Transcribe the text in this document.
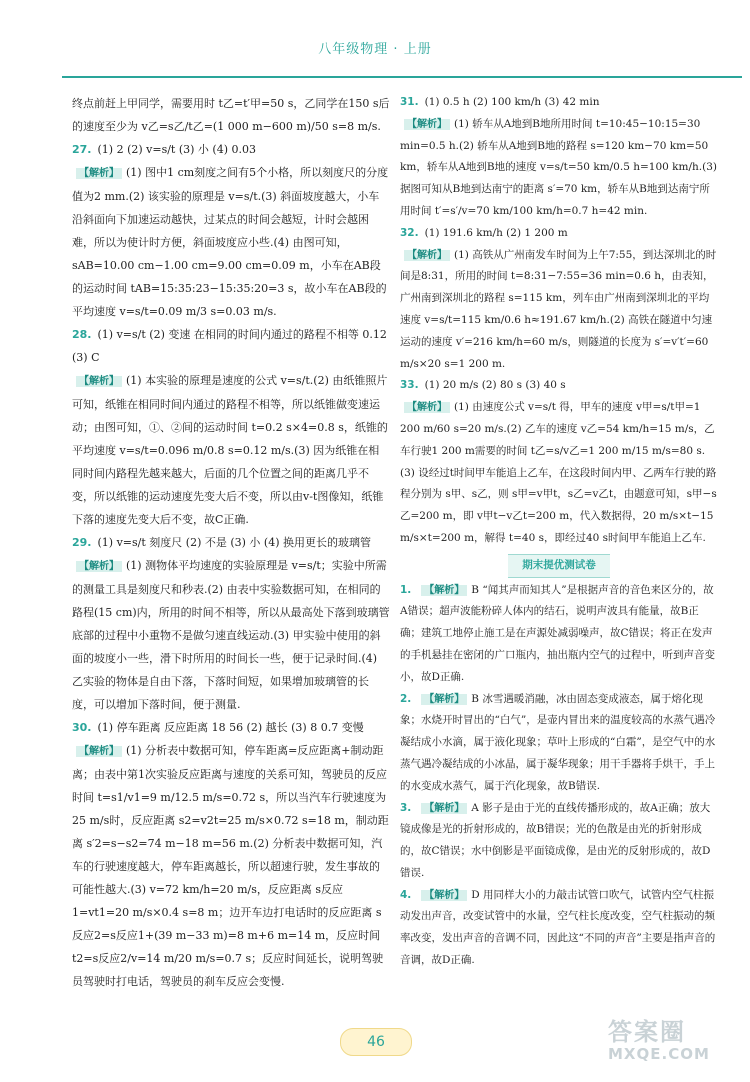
八年级物理 · 上册
终点前赶上甲同学，需要用时 t乙=t′甲=50 s，乙同学在150 s后的速度至少为 v乙=s乙/t乙=(1 000 m−600 m)/50 s=8 m/s.
27. (1) 2 (2) v=s/t (3) 小 (4) 0.03
【解析】 (1) 图中1 cm刻度之间有5个小格，所以刻度尺的分度值为2 mm.(2) 该实验的原理是 v=s/t.(3) 斜面坡度越大，小车沿斜面向下加速运动越快，过某点的时间会越短，计时会越困难，所以为使计时方便，斜面坡度应小些.(4) 由图可知，sAB=10.00 cm−1.00 cm=9.00 cm=0.09 m，小车在AB段的运动时间 tAB=15:35:23−15:35:20=3 s，故小车在AB段的平均速度 v=s/t=0.09 m/3 s=0.03 m/s.
28. (1) v=s/t (2) 变速 在相同的时间内通过的路程不相等 0.12 (3) C
【解析】 (1) 本实验的原理是速度的公式 v=s/t.(2) 由纸锥照片可知，纸锥在相同时间内通过的路程不相等，所以纸锥做变速运动；由图可知，①、②间的运动时间 t=0.2 s×4=0.8 s，纸锥的平均速度 v=s/t=0.096 m/0.8 s=0.12 m/s.(3) 因为纸锥在相同时间内路程先越来越大，后面的几个位置之间的距离几乎不变，所以纸锥的运动速度先变大后不变，所以由v-t图像知，纸锥下落的速度先变大后不变，故C正确.
29. (1) v=s/t 刻度尺 (2) 不是 (3) 小 (4) 换用更长的玻璃管
【解析】 (1) 测物体平均速度的实验原理是 v=s/t；实验中所需的测量工具是刻度尺和秒表.(2) 由表中实验数据可知，在相同的路程(15 cm)内，所用的时间不相等，所以从最高处下落到玻璃管底部的过程中小重物不是做匀速直线运动.(3) 甲实验中使用的斜面的坡度小一些，滑下时所用的时间长一些，便于记录时间.(4) 乙实验的物体是自由下落，下落时间短，如果增加玻璃管的长度，可以增加下落时间，便于测量.
30. (1) 停车距离 反应距离 18 56 (2) 越长 (3) 8 0.7 变慢
【解析】 (1) 分析表中数据可知，停车距离=反应距离+制动距离；由表中第1次实验反应距离与速度的关系可知，驾驶员的反应时间 t=s1/v1=9 m/12.5 m/s=0.72 s，所以当汽车行驶速度为25 m/s时，反应距离 s2=v2t=25 m/s×0.72 s=18 m，制动距离 s′2=s−s2=74 m−18 m=56 m.(2) 分析表中数据可知，汽车的行驶速度越大，停车距离越长，所以超速行驶，发生事故的可能性越大.(3) v=72 km/h=20 m/s，反应距离 s反应1=vt1=20 m/s×0.4 s=8 m；边开车边打电话时的反应距离 s反应2=s反应1+(39 m−33 m)=8 m+6 m=14 m，反应时间 t2=s反应2/v=14 m/20 m/s=0.7 s；反应时间延长，说明驾驶员驾驶时打电话，驾驶员的刹车反应会变慢.
31. (1) 0.5 h (2) 100 km/h (3) 42 min
【解析】 (1) 轿车从A地到B地所用时间 t=10:45−10:15=30 min=0.5 h.(2) 轿车从A地到B地的路程 s=120 km−70 km=50 km，轿车从A地到B地的速度 v=s/t=50 km/0.5 h=100 km/h.(3) 据图可知从B地到达南宁的距离 s′=70 km，轿车从B地到达南宁所用时间 t′=s′/v=70 km/100 km/h=0.7 h=42 min.
32. (1) 191.6 km/h (2) 1 200 m
【解析】 (1) 高铁从广州南发车时间为上午7:55，到达深圳北的时间是8:31，所用的时间 t=8:31−7:55=36 min=0.6 h，由表知，广州南到深圳北的路程 s=115 km，列车由广州南到深圳北的平均速度 v=s/t=115 km/0.6 h≈191.67 km/h.(2) 高铁在隧道中匀速运动的速度 v′=216 km/h=60 m/s，则隧道的长度为 s′=v′t′=60 m/s×20 s=1 200 m.
33. (1) 20 m/s (2) 80 s (3) 40 s
【解析】 (1) 由速度公式 v=s/t 得，甲车的速度 v甲=s/t甲=1 200 m/60 s=20 m/s.(2) 乙车的速度 v乙=54 km/h=15 m/s，乙车行驶1 200 m需要的时间 t乙=s/v乙=1 200 m/15 m/s=80 s.(3) 设经过t时间甲车能追上乙车，在这段时间内甲、乙两车行驶的路程分别为 s甲、s乙，则 s甲=v甲t，s乙=v乙t，由题意可知，s甲−s乙=200 m，即 v甲t−v乙t=200 m，代入数据得，20 m/s×t−15 m/s×t=200 m，解得 t=40 s，即经过40 s时间甲车能追上乙车.
期末提优测试卷
1. 【解析】 B “闻其声而知其人”是根据声音的音色来区分的，故A错误；超声波能粉碎人体内的结石，说明声波具有能量，故B正确；建筑工地停止施工是在声源处减弱噪声，故C错误；将正在发声的手机悬挂在密闭的广口瓶内，抽出瓶内空气的过程中，听到声音变小，故D正确.
2. 【解析】 B 冰雪遇暖消融，冰由固态变成液态，属于熔化现象；水烧开时冒出的“白气”，是壶内冒出来的温度较高的水蒸气遇冷凝结成小水滴，属于液化现象；草叶上形成的“白霜”，是空气中的水蒸气遇冷凝结成的小冰晶，属于凝华现象；用干手器将手烘干，手上的水变成水蒸气，属于汽化现象，故B错误.
3. 【解析】 A 影子是由于光的直线传播形成的，故A正确；放大镜成像是光的折射形成的，故B错误；光的色散是由光的折射形成的，故C错误；水中倒影是平面镜成像，是由光的反射形成的，故D错误.
4. 【解析】 D 用同样大小的力敲击试管口吹气，试管内空气柱振动发出声音，改变试管中的水量，空气柱长度改变，空气柱振动的频率改变，发出声音的音调不同，因此这“不同的声音”主要是指声音的音调，故D正确.
46	答案圈
MXQE.COM
